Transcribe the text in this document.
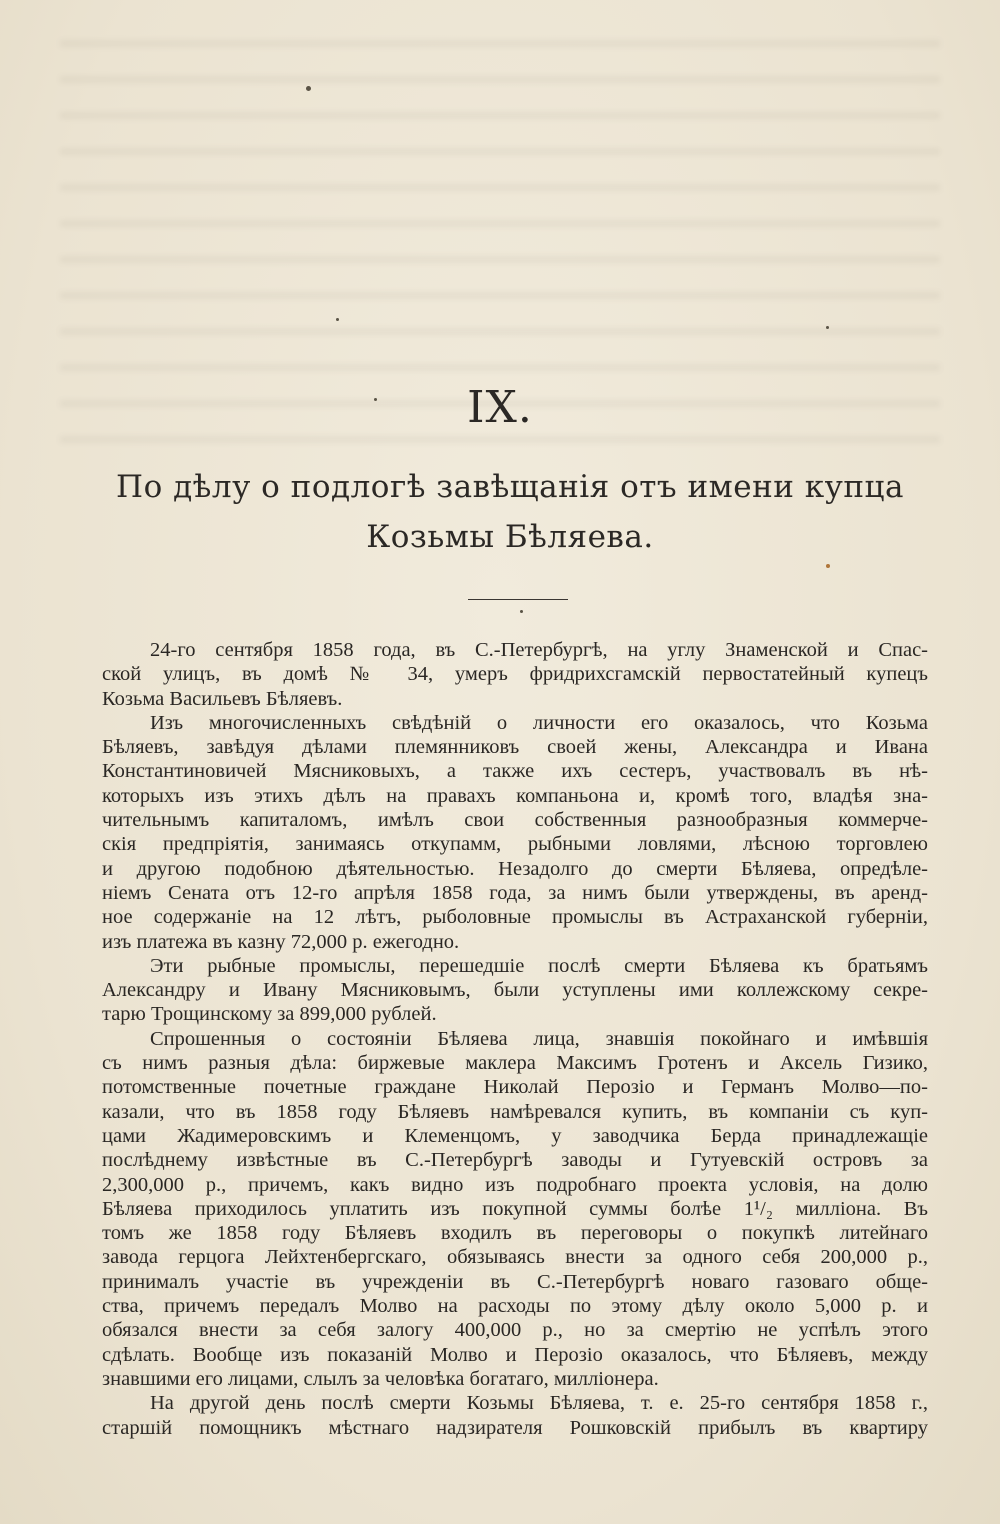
IX.
По дѣлу о подлогѣ завѣщанія отъ имени купца
Козьмы Бѣляева.
24-го сентября 1858 года, въ С.-Петербургѣ, на углу Знаменской и Спас-
ской улицъ, въ домѣ № 34, умеръ фридрихсгамскій первостатейный купецъ
Козьма Васильевъ Бѣляевъ.
Изъ многочисленныхъ свѣдѣній о личности его оказалось, что Козьма
Бѣляевъ, завѣдуя дѣлами племянниковъ своей жены, Александра и Ивана
Константиновичей Мясниковыхъ, а также ихъ сестеръ, участвовалъ въ нѣ-
которыхъ изъ этихъ дѣлъ на правахъ компаньона и, кромѣ того, владѣя зна-
чительнымъ капиталомъ, имѣлъ свои собственныя разнообразныя коммерче-
скія предпріятія, занимаясь откупамм, рыбными ловлями, лѣсною торговлею
и другою подобною дѣятельностью. Незадолго до смерти Бѣляева, опредѣле-
ніемъ Сената отъ 12-го апрѣля 1858 года, за нимъ были утверждены, въ аренд-
ное содержаніе на 12 лѣтъ, рыболовные промыслы въ Астраханской губерніи,
изъ платежа въ казну 72,000 р. ежегодно.
Эти рыбные промыслы, перешедшіе послѣ смерти Бѣляева къ братьямъ
Александру и Ивану Мясниковымъ, были уступлены ими коллежскому секре-
тарю Трощинскому за 899,000 рублей.
Спрошенныя о состояніи Бѣляева лица, знавшія покойнаго и имѣвшія
съ нимъ разныя дѣла: биржевые маклера Максимъ Гротенъ и Аксель Гизико,
потомственные почетные граждане Николай Перозіо и Германъ Молво—по-
казали, что въ 1858 году Бѣляевъ намѣревался купить, въ компаніи съ куп-
цами Жадимеровскимъ и Клеменцомъ, у заводчика Берда принадлежащіе
послѣднему извѣстные въ С.-Петербургѣ заводы и Гутуевскій островъ за
2,300,000 р., причемъ, какъ видно изъ подробнаго проекта условія, на долю
Бѣляева приходилось уплатить изъ покупной суммы болѣе 1¹/₂ милліона. Въ
томъ же 1858 году Бѣляевъ входилъ въ переговоры о покупкѣ литейнаго
завода герцога Лейхтенбергскаго, обязываясь внести за одного себя 200,000 р.,
принималъ участіе въ учрежденіи въ С.-Петербургѣ новаго газоваго обще-
ства, причемъ передалъ Молво на расходы по этому дѣлу около 5,000 р. и
обязался внести за себя залогу 400,000 р., но за смертію не успѣлъ этого
сдѣлать. Вообще изъ показаній Молво и Перозіо оказалось, что Бѣляевъ, между
знавшими его лицами, слылъ за человѣка богатаго, милліонера.
На другой день послѣ смерти Козьмы Бѣляева, т. е. 25-го сентября 1858 г.,
старшій помощникъ мѣстнаго надзирателя Рошковскій прибылъ въ квартиру
